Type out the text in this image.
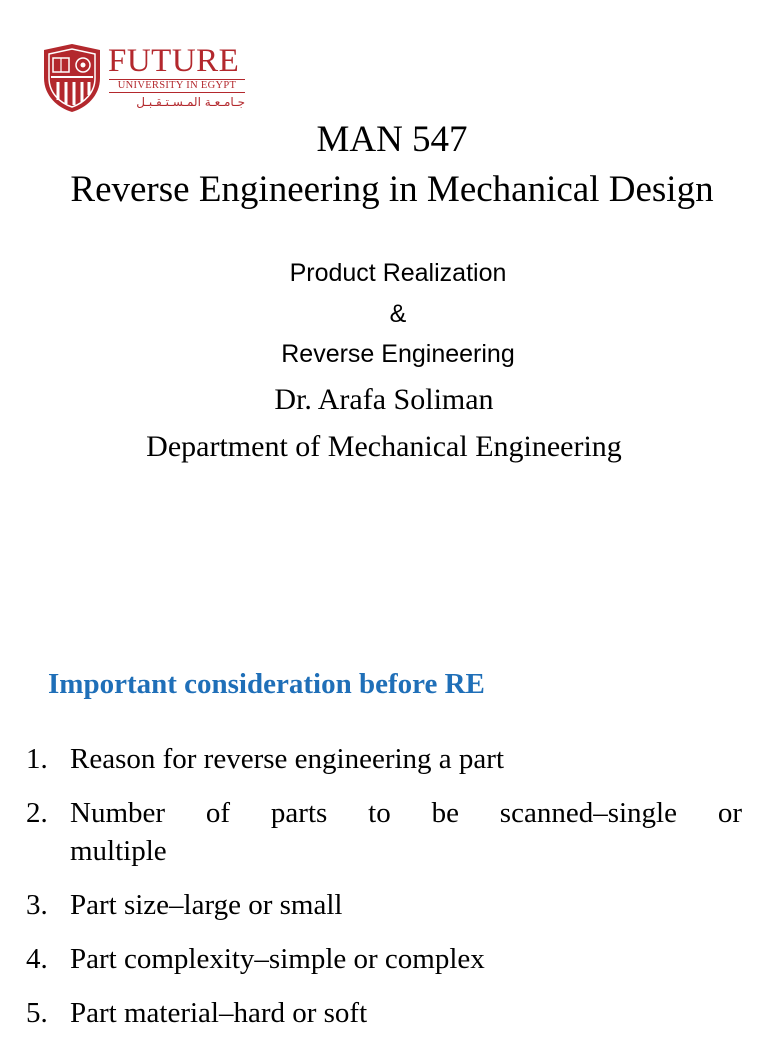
FUTURE
UNIVERSITY IN EGYPT
جـامـعـة المـسـتـقـبـل
MAN 547
Reverse Engineering in Mechanical Design
Product Realization
&
Reverse Engineering
Dr. Arafa Soliman
Department of Mechanical Engineering
Important consideration before RE
1. Reason for reverse engineering a part
2. Number of parts to be scanned–single or
multiple
3. Part size–large or small
4. Part complexity–simple or complex
5. Part material–hard or soft
